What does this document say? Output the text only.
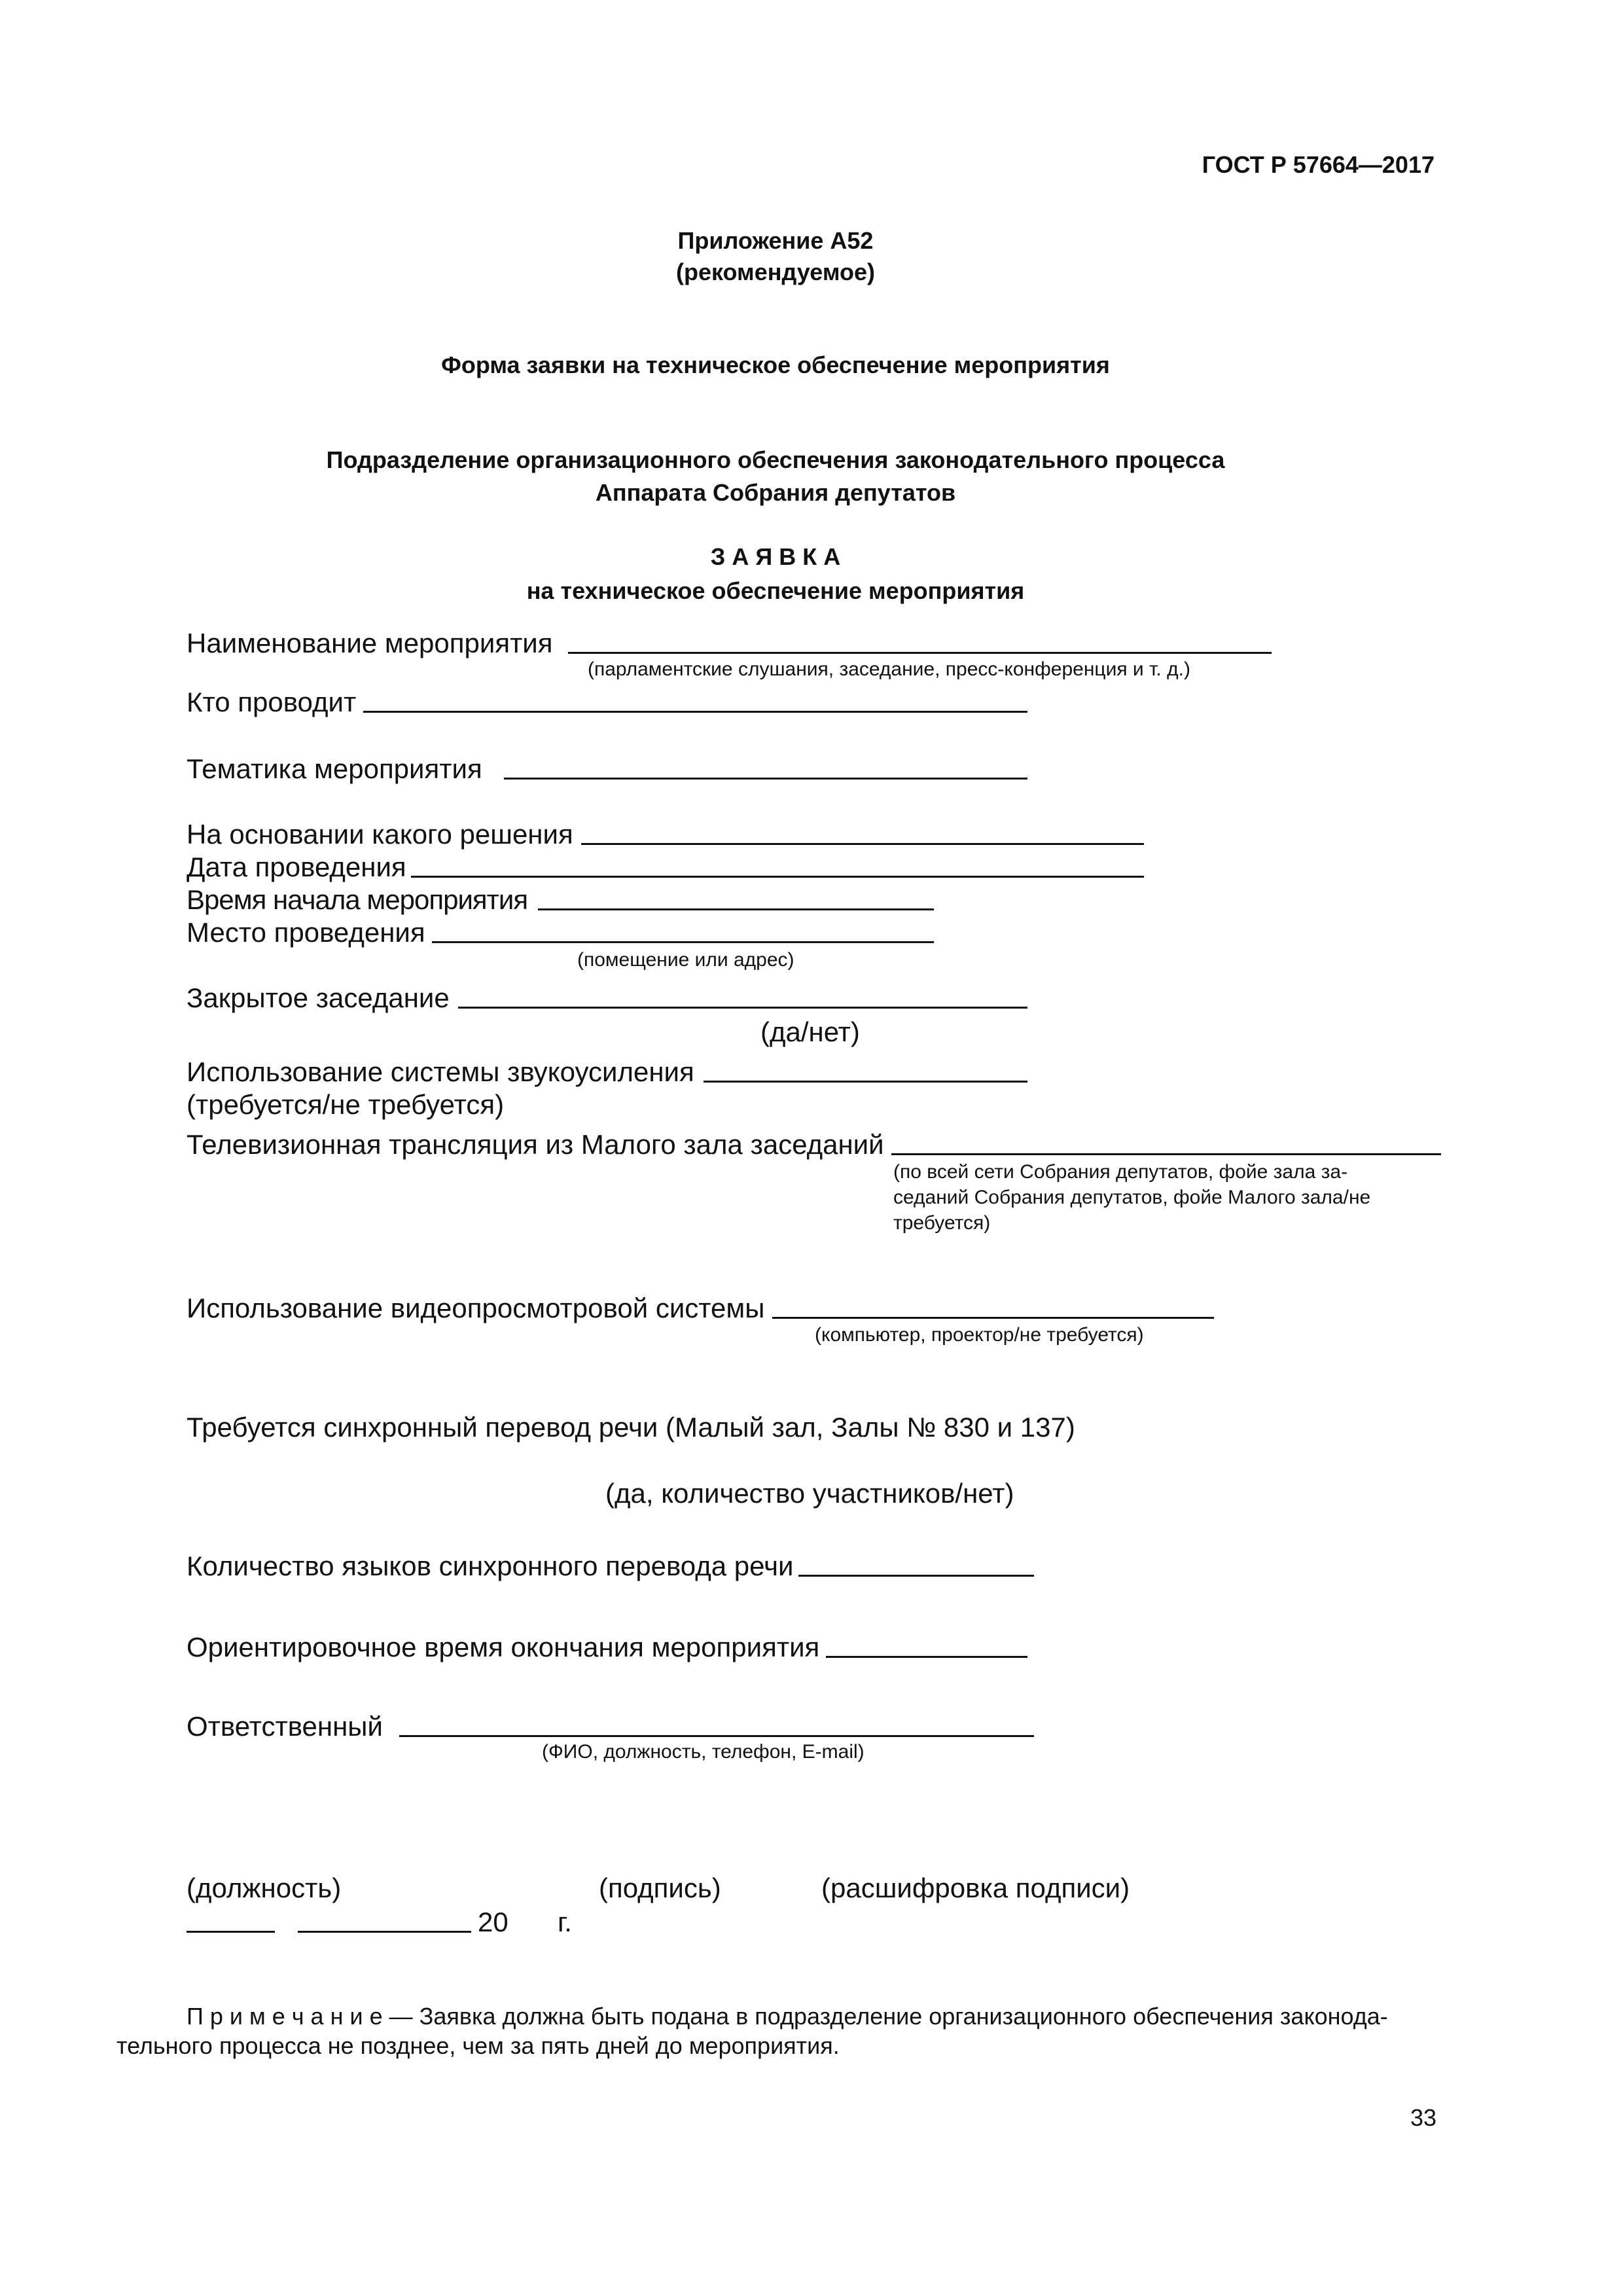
ГОСТ Р 57664—2017
Приложение А52
(рекомендуемое)
Форма заявки на техническое обеспечение мероприятия
Подразделение организационного обеспечения законодательного процесса
Аппарата Собрания депутатов
З А Я В К А
на техническое обеспечение мероприятия
Наименование мероприятия
(парламентские слушания, заседание, пресс-конференция и т. д.)
Кто проводит
Тематика мероприятия
На основании какого решения
Дата проведения
Время начала мероприятия
Место проведения
(помещение или адрес)
Закрытое заседание
(да/нет)
Использование системы звукоусиления
(требуется/не требуется)
Телевизионная трансляция из Малого зала заседаний
(по всей сети Собрания депутатов, фойе зала за-
седаний Собрания депутатов, фойе Малого зала/не
требуется)
Использование видеопросмотровой системы
(компьютер, проектор/не требуется)
Требуется синхронный перевод речи (Малый зал, Залы № 830 и 137)
(да, количество участников/нет)
Количество языков синхронного перевода речи
Ориентировочное время окончания мероприятия
Ответственный
(ФИО, должность, телефон, E-mail)
(должность)	(подпись)	(расшифровка подписи)
20 г.
П р и м е ч а н и е — Заявка должна быть подана в подразделение организационного обеспечения законода-
тельного процесса не позднее, чем за пять дней до мероприятия.
33
